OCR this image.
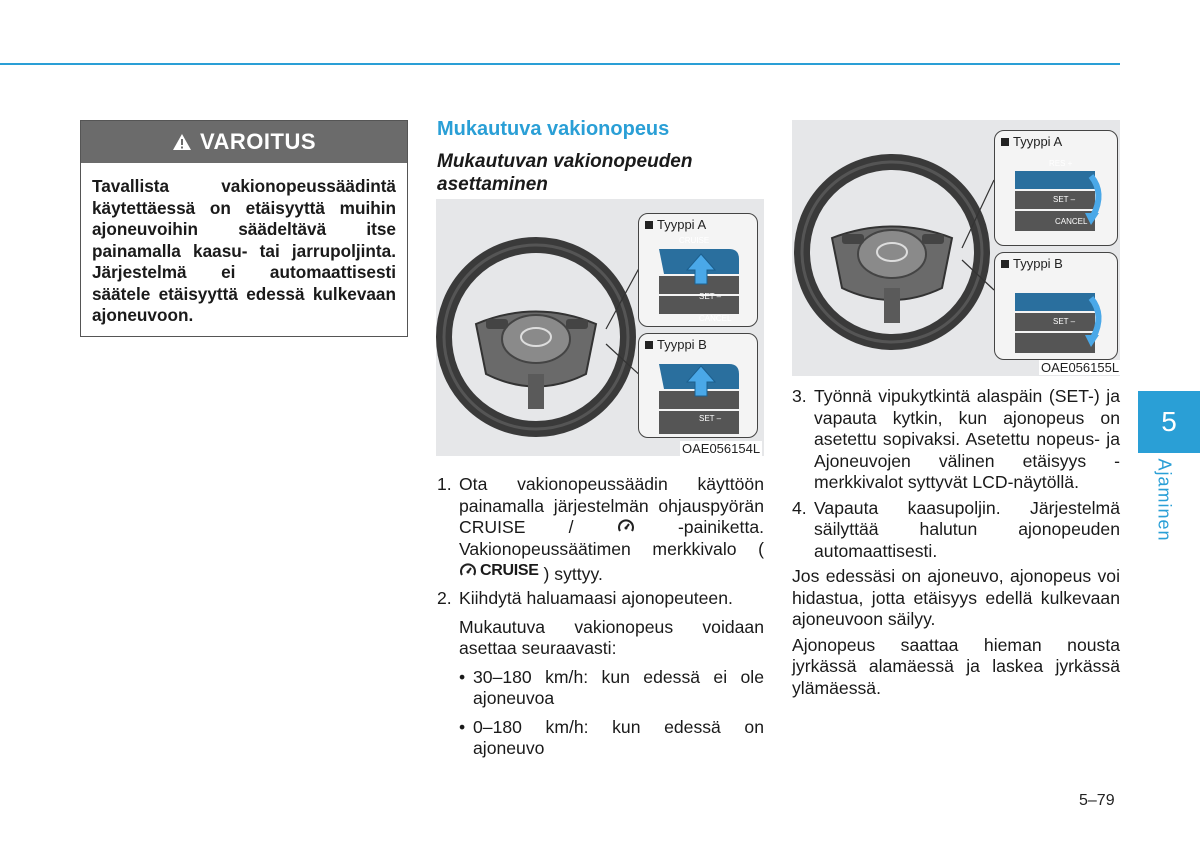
VAROITUS
Tavallista vakionopeussäädintä käytettäessä on etäisyyttä muihin ajoneuvoihin säädeltävä itse painamalla kaasu- tai jarrupoljinta. Järjestelmä ei automaattisesti säätele etäisyyttä edessä kulkevaan ajoneuvoon.
Mukautuva vakionopeus
Mukautuvan vakionopeuden asettaminen
Tyyppi A
CRUISE
SET –
CANCEL
Tyyppi B
SET –
OAE056154L
Tyyppi A
RES +
SET –
CANCEL
Tyyppi B
SET –
OAE056155L
1. Ota vakionopeussäädin käyttöön painamalla järjestelmän ohjauspyörän CRUISE /	-painiketta. Vakionopeussäätimen merkkivalo (
CRUISE ) syttyy.
2. Kiihdytä haluamaasi ajonopeuteen.
Mukautuva vakionopeus voidaan asettaa seuraavasti:
• 30–180 km/h: kun edessä ei ole ajoneuvoa
• 0–180 km/h: kun edessä on ajoneuvo
3. Työnnä vipukytkintä alaspäin (SET-) ja vapauta kytkin, kun ajonopeus on asetettu sopivaksi. Asetettu nopeus- ja Ajoneuvojen välinen etäisyys -merkkivalot syttyvät LCD-näytöllä.
4. Vapauta kaasupoljin. Järjestelmä säilyttää halutun ajonopeuden automaattisesti.
Jos edessäsi on ajoneuvo, ajonopeus voi hidastua, jotta etäisyys edellä kulkevaan ajoneuvoon säilyy.
Ajonopeus saattaa hieman nousta jyrkässä alamäessä ja laskea jyrkässä ylämäessä.
5
Ajaminen
5–79
